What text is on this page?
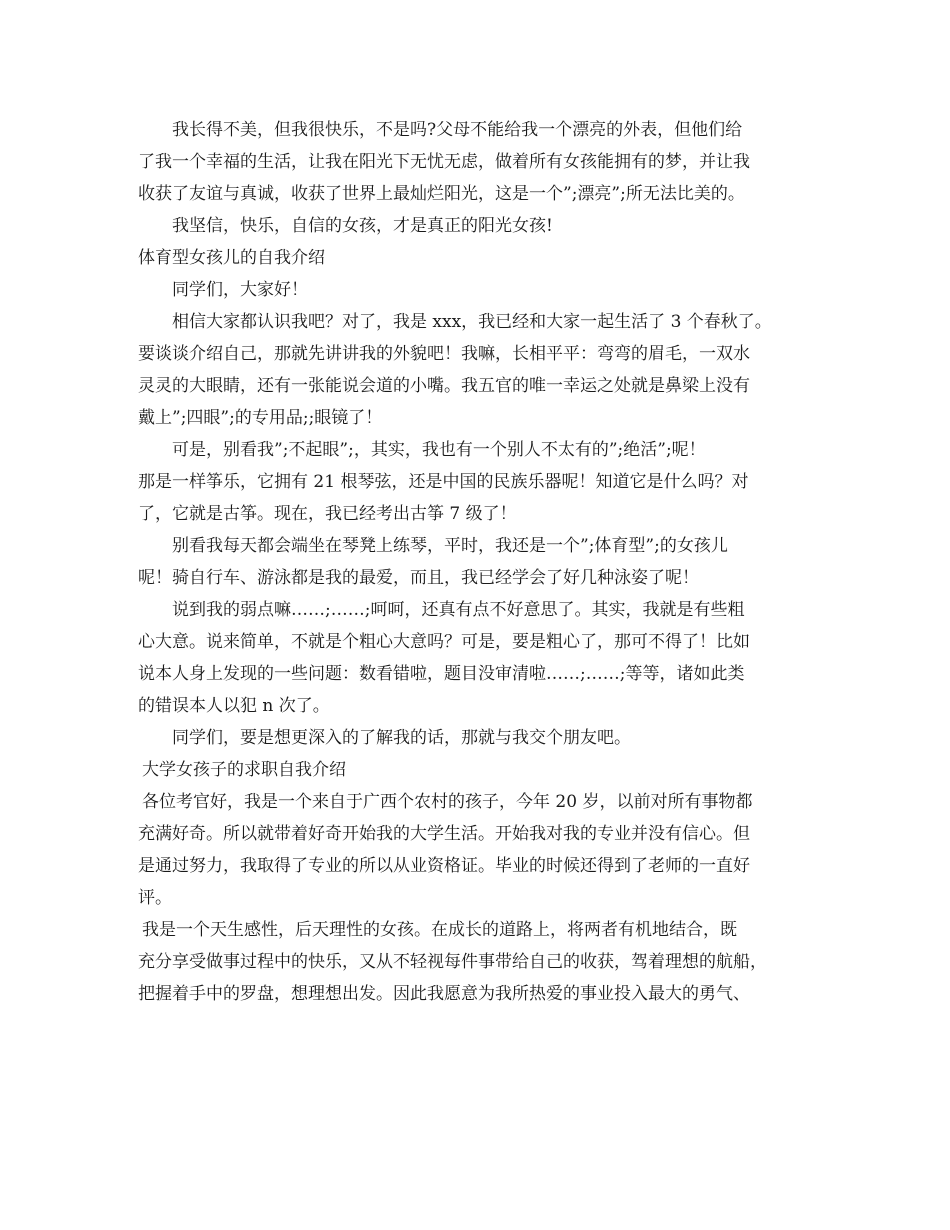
我长得不美，但我很快乐，不是吗?父母不能给我一个漂亮的外表，但他们给
了我一个幸福的生活，让我在阳光下无忧无虑，做着所有女孩能拥有的梦，并让我
收获了友谊与真诚，收获了世界上最灿烂阳光，这是一个”;漂亮”;所无法比美的。
我坚信，快乐，自信的女孩，才是真正的阳光女孩!
体育型女孩儿的自我介绍
同学们，大家好！
相信大家都认识我吧？对了，我是 xxx，我已经和大家一起生活了 3 个春秋了。
要谈谈介绍自己，那就先讲讲我的外貌吧！我嘛，长相平平：弯弯的眉毛，一双水
灵灵的大眼睛，还有一张能说会道的小嘴。我五官的唯一幸运之处就是鼻梁上没有
戴上”;四眼”;的专用品;;眼镜了！
可是，别看我”;不起眼”;，其实，我也有一个别人不太有的”;绝活”;呢！
那是一样筝乐，它拥有 21 根琴弦，还是中国的民族乐器呢！知道它是什么吗？对
了，它就是古筝。现在，我已经考出古筝 7 级了！
别看我每天都会端坐在琴凳上练琴，平时，我还是一个”;体育型”;的女孩儿
呢！骑自行车、游泳都是我的最爱，而且，我已经学会了好几种泳姿了呢！
说到我的弱点嘛……;……;呵呵，还真有点不好意思了。其实，我就是有些粗
心大意。说来简单，不就是个粗心大意吗？可是，要是粗心了，那可不得了！比如
说本人身上发现的一些问题：数看错啦，题目没审清啦……;……;等等，诸如此类
的错误本人以犯 n 次了。
同学们，要是想更深入的了解我的话，那就与我交个朋友吧。
大学女孩子的求职自我介绍
各位考官好，我是一个来自于广西个农村的孩子，今年 20 岁，以前对所有事物都
充满好奇。所以就带着好奇开始我的大学生活。开始我对我的专业并没有信心。但
是通过努力，我取得了专业的所以从业资格证。毕业的时候还得到了老师的一直好
评。
我是一个天生感性，后天理性的女孩。在成长的道路上，将两者有机地结合，既
充分享受做事过程中的快乐，又从不轻视每件事带给自己的收获，驾着理想的航船，
把握着手中的罗盘，想理想出发。因此我愿意为我所热爱的事业投入最大的勇气、
